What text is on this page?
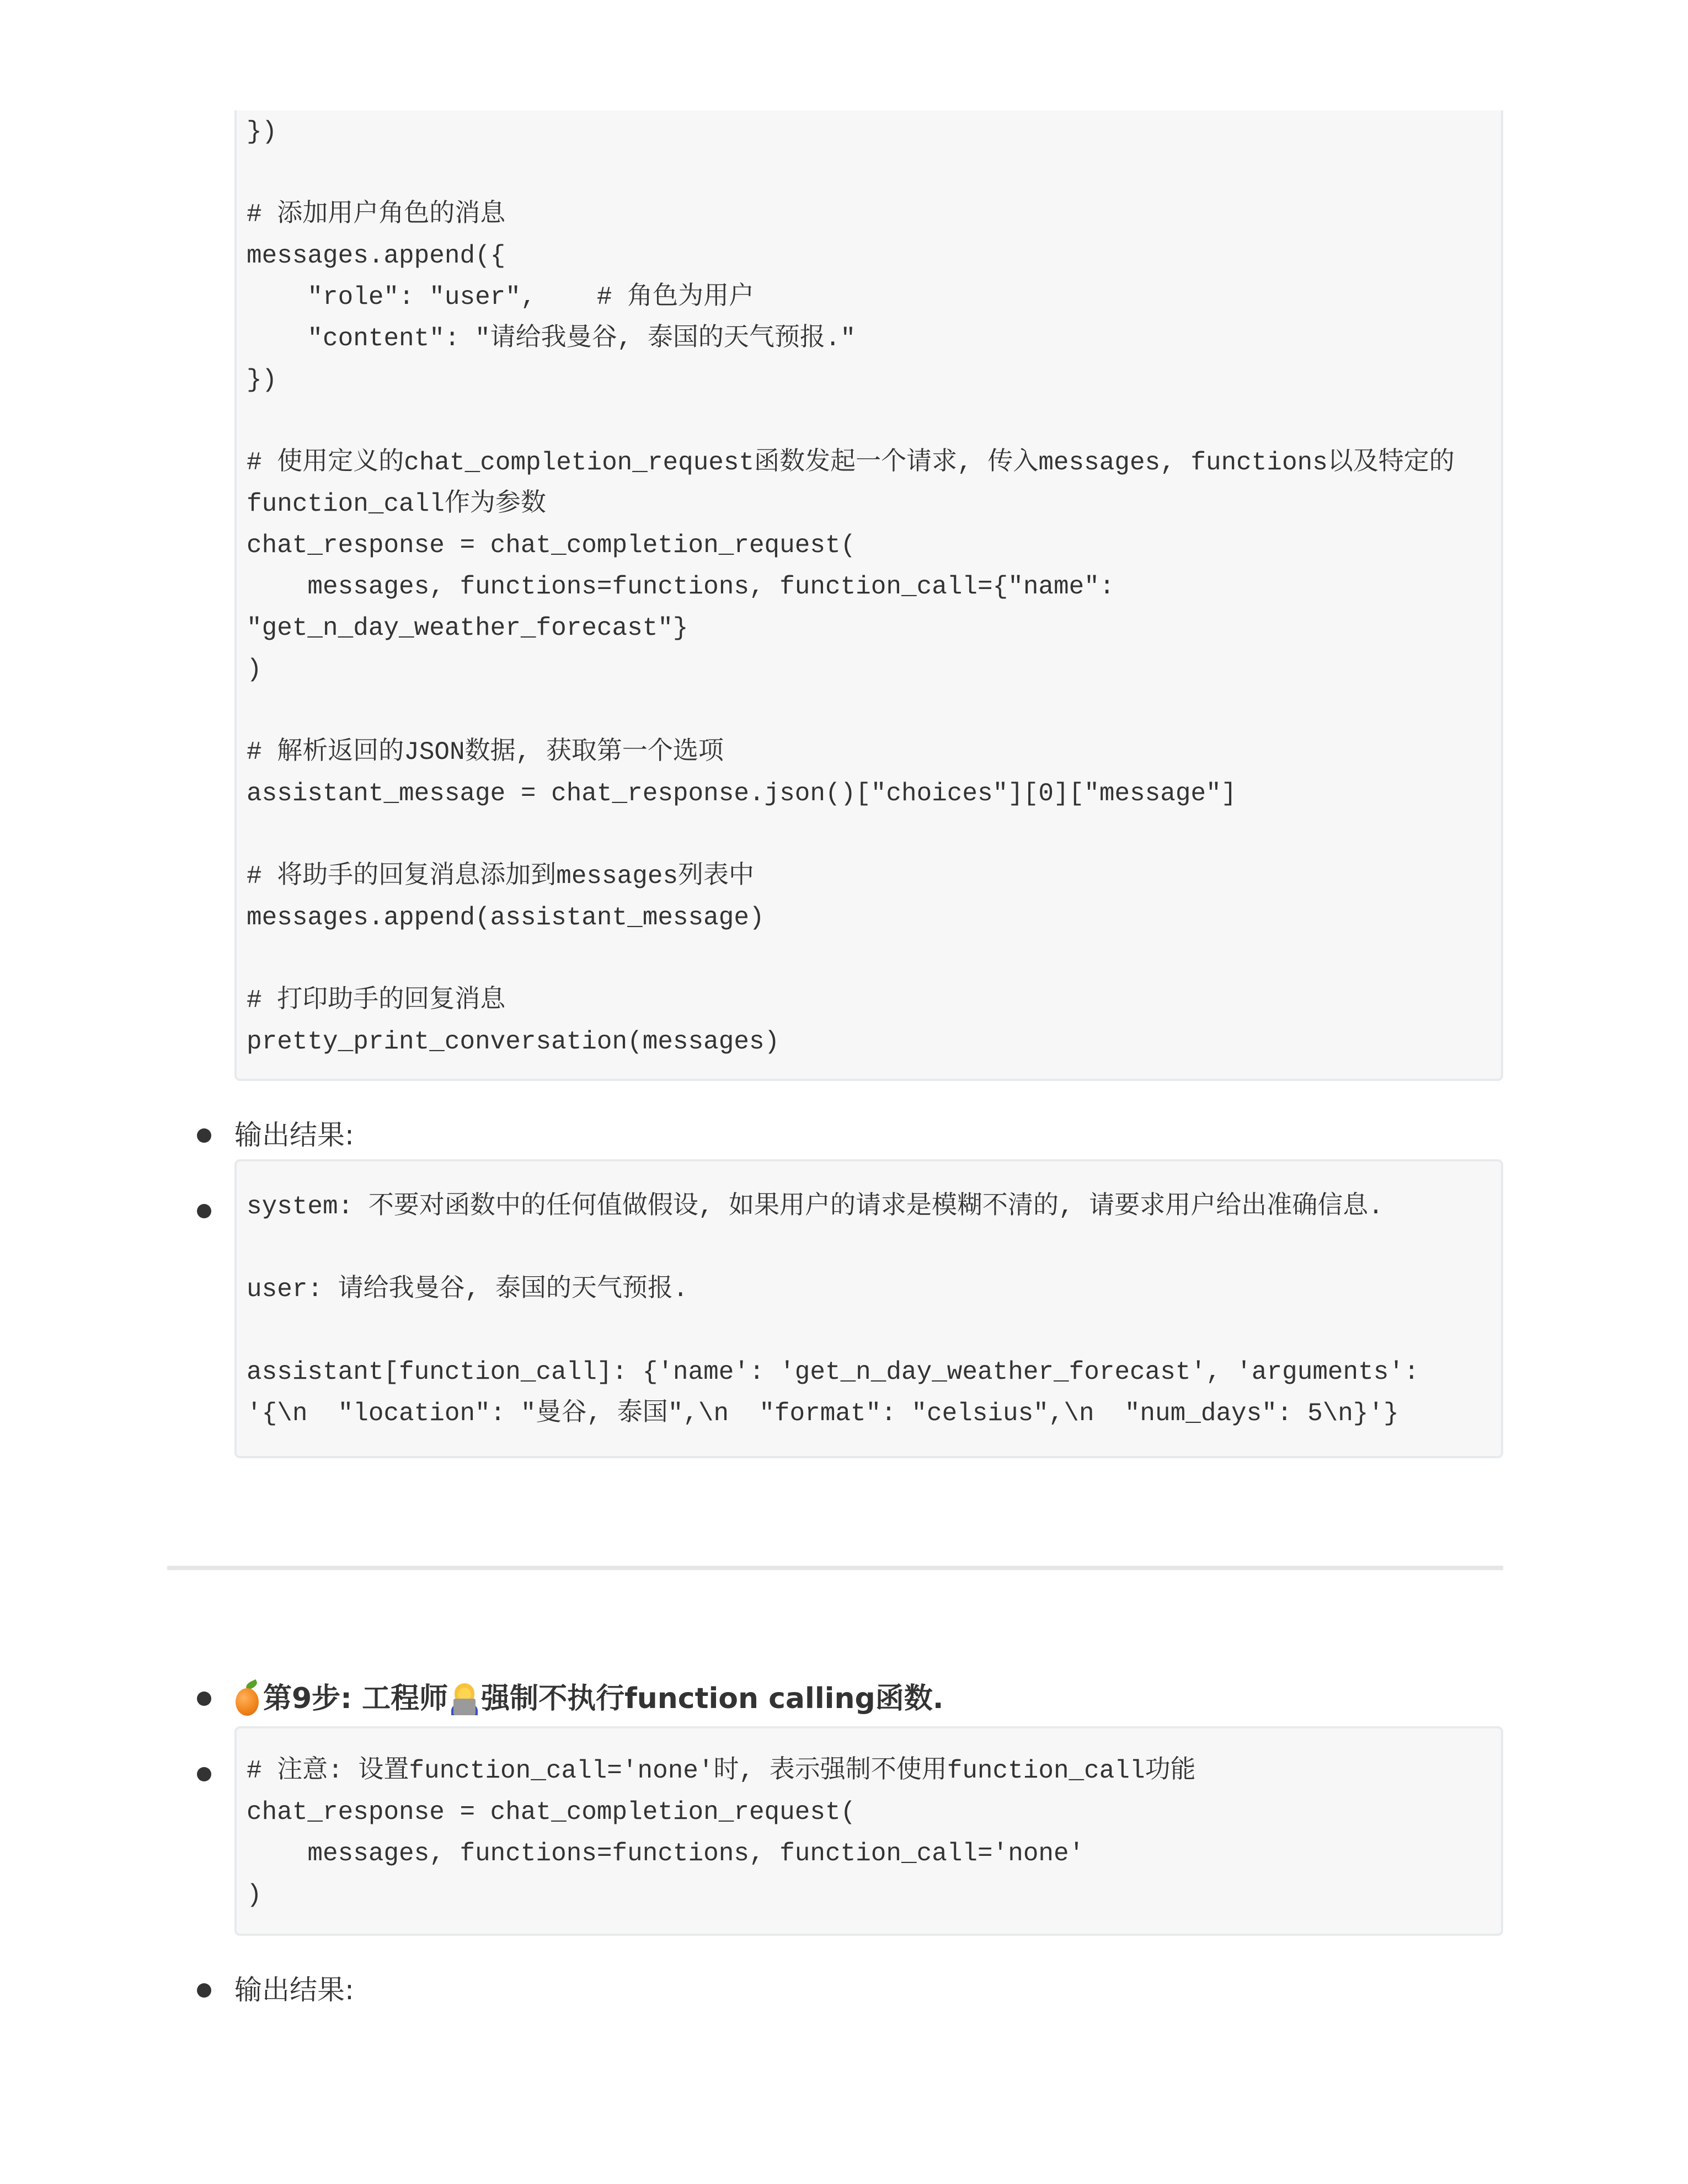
})
# 添加用户角色的消息
messages.append({
"role": "user",    # 角色为用户
"content": "请给我曼谷, 泰国的天气预报."
})
# 使用定义的chat_completion_request函数发起一个请求, 传入messages, functions以及特定的
function_call作为参数
chat_response = chat_completion_request(
messages, functions=functions, function_call={"name":
"get_n_day_weather_forecast"}
)
# 解析返回的JSON数据, 获取第一个选项
assistant_message = chat_response.json()["choices"][0]["message"]
# 将助手的回复消息添加到messages列表中
messages.append(assistant_message)
# 打印助手的回复消息
pretty_print_conversation(messages)
输出结果:
system: 不要对函数中的任何值做假设, 如果用户的请求是模糊不清的, 请要求用户给出准确信息.
user: 请给我曼谷, 泰国的天气预报.
assistant[function_call]: {'name': 'get_n_day_weather_forecast', 'arguments':
'{\n  "location": "曼谷, 泰国",\n  "format": "celsius",\n  "num_days": 5\n}'}

第9步: 工程师

强制不执行function calling函数.
# 注意: 设置function_call='none'时, 表示强制不使用function_call功能
chat_response = chat_completion_request(
messages, functions=functions, function_call='none'
)
输出结果:
